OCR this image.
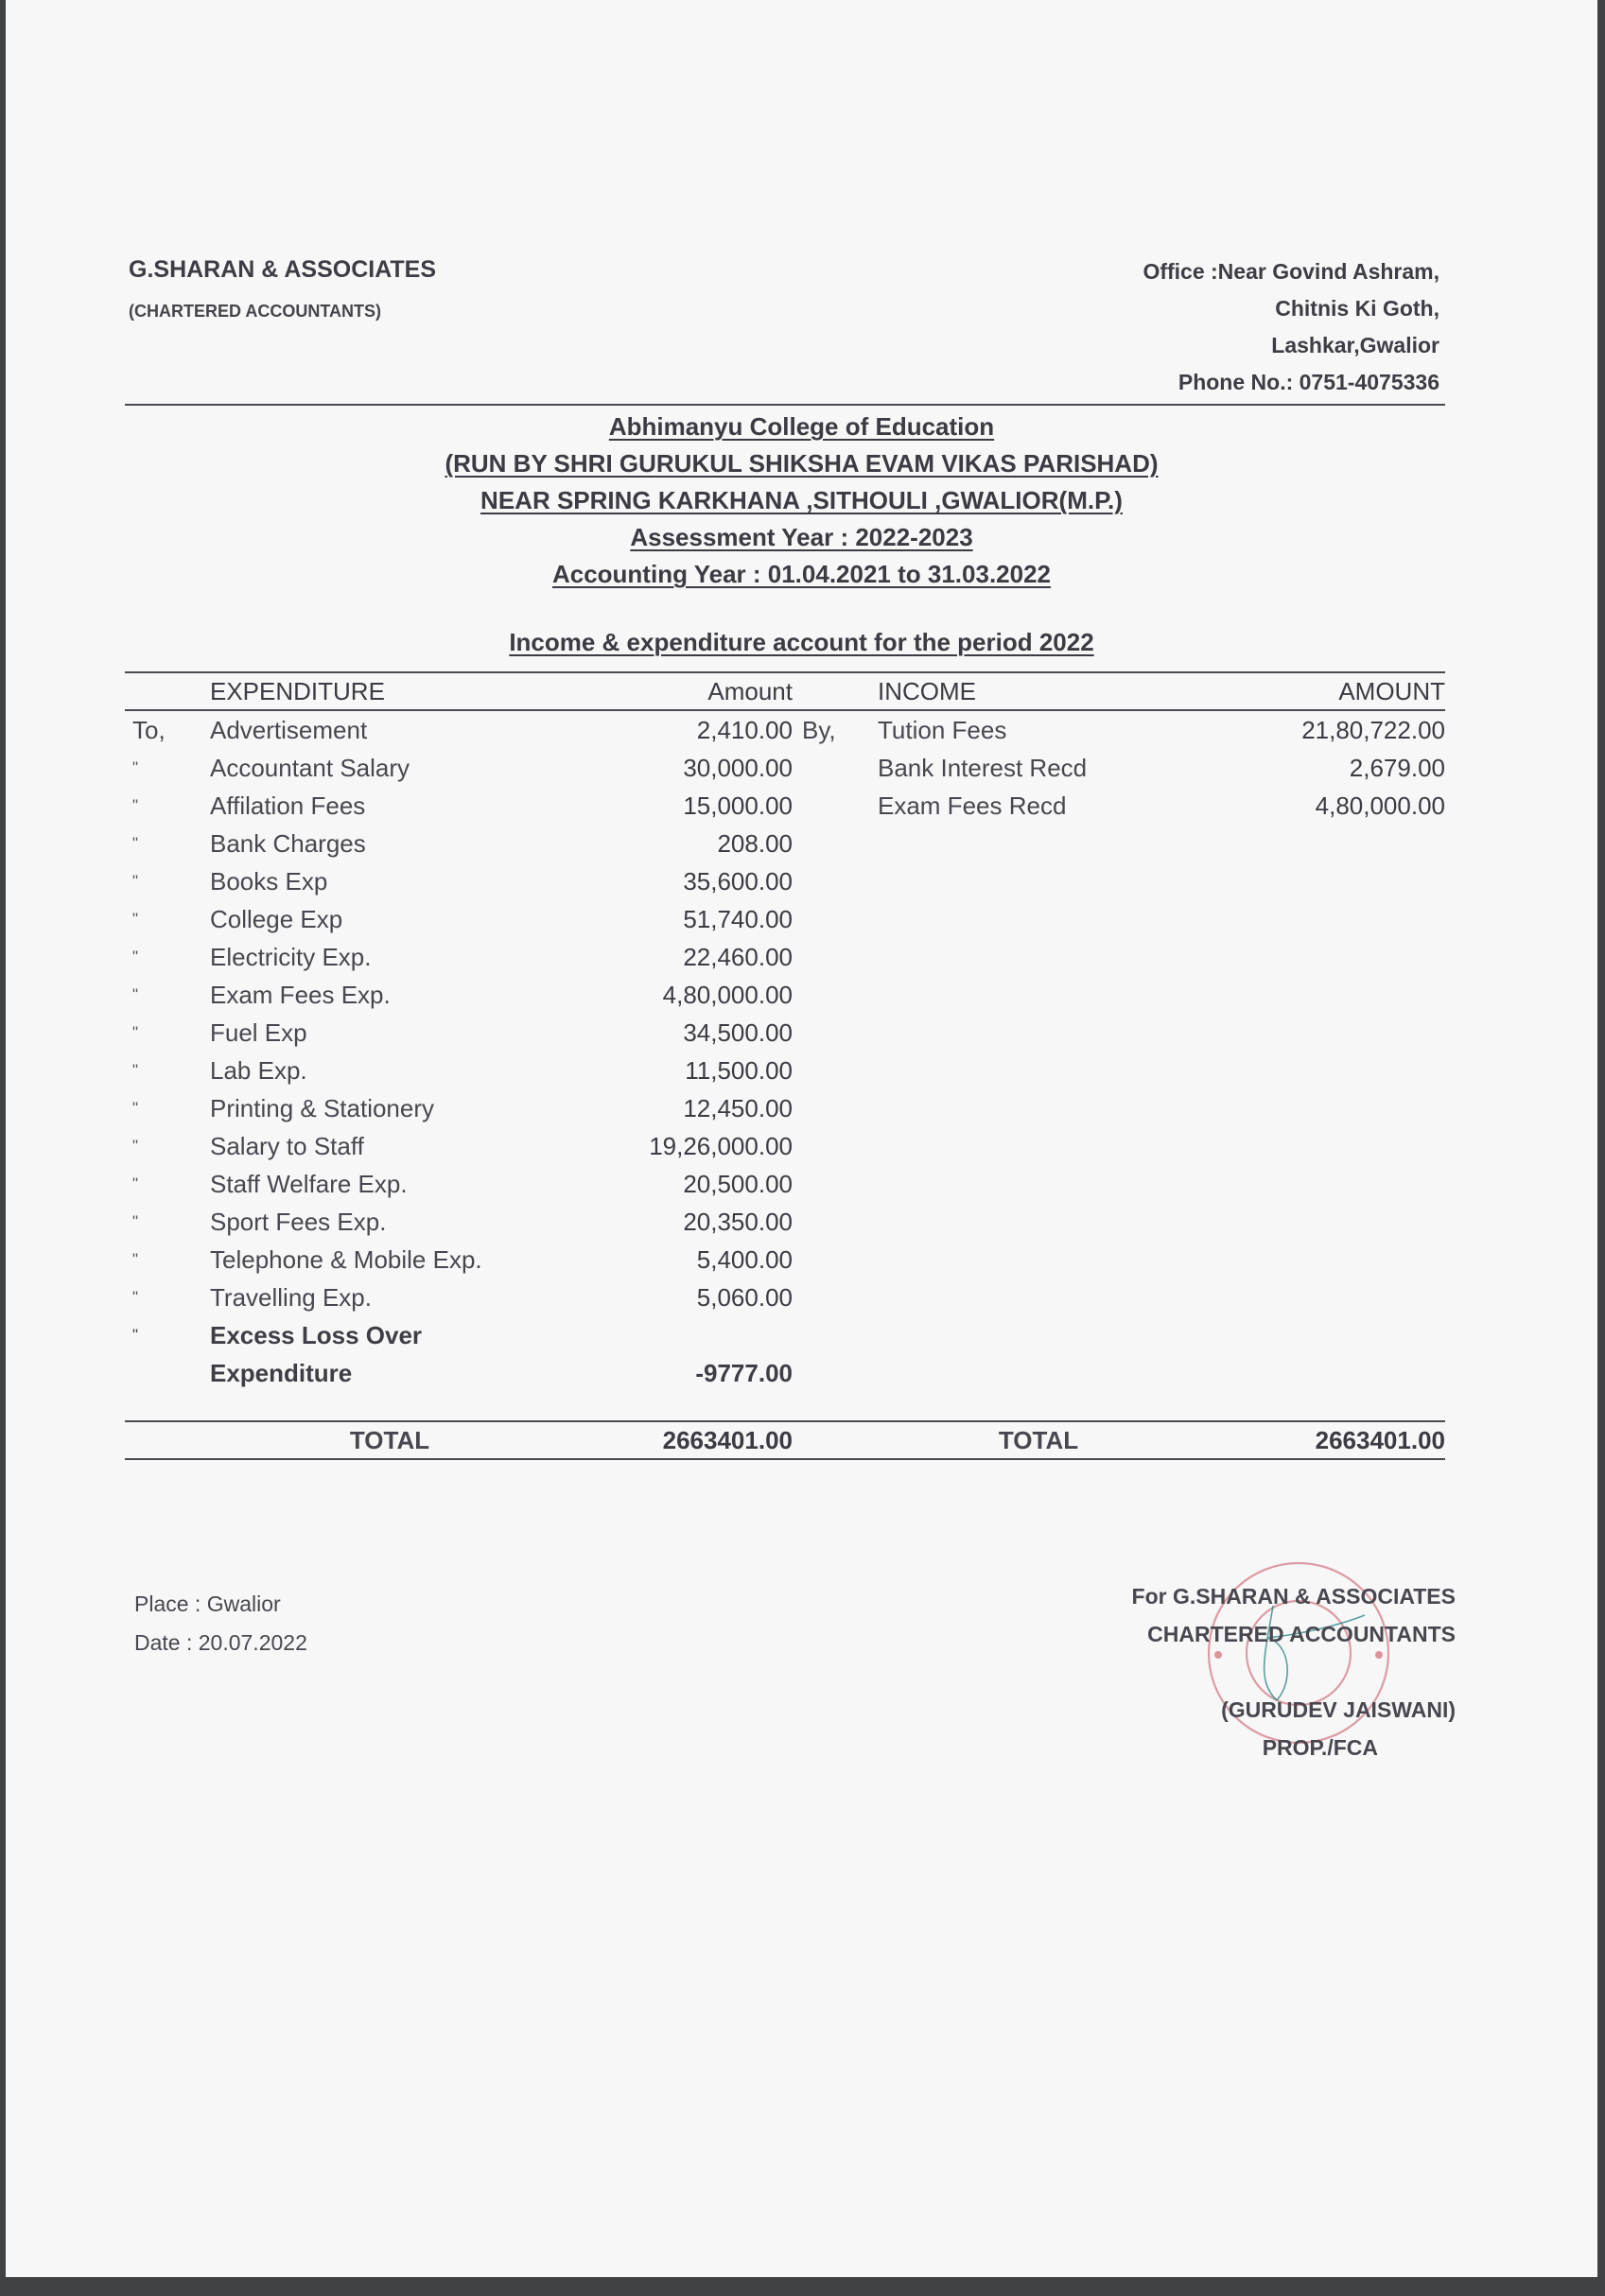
G.SHARAN & ASSOCIATES
(CHARTERED ACCOUNTANTS)
Office :Near Govind Ashram,
Chitnis Ki Goth,
Lashkar,Gwalior
Phone No.: 0751-4075336
Abhimanyu College of Education
(RUN BY SHRI GURUKUL SHIKSHA EVAM VIKAS PARISHAD)
NEAR SPRING KARKHANA ,SITHOULI ,GWALIOR(M.P.)
Assessment Year : 2022-2023
Accounting Year : 01.04.2021 to 31.03.2022
Income & expenditure account for the period 2022
EXPENDITURE	Amount	INCOME	AMOUNT
To,	Advertisement	2,410.00 By,	Tution Fees	21,80,722.00
"	Accountant Salary	30,000.00	Bank Interest Recd	2,679.00
"	Affilation Fees	15,000.00	Exam Fees Recd	4,80,000.00
"	Bank Charges	208.00
"	Books Exp	35,600.00
"	College Exp	51,740.00
"	Electricity Exp.	22,460.00
"	Exam Fees Exp.	4,80,000.00
"	Fuel Exp	34,500.00
"	Lab Exp.	11,500.00
"	Printing & Stationery	12,450.00
"	Salary to Staff	19,26,000.00
"	Staff Welfare Exp.	20,500.00
"	Sport Fees Exp.	20,350.00
"	Telephone & Mobile Exp.	5,400.00
"	Travelling Exp.	5,060.00
"	Excess Loss Over
Expenditure	-9777.00
TOTAL	2663401.00	TOTAL	2663401.00
Place : Gwalior
Date : 20.07.2022
For G.SHARAN & ASSOCIATES
CHARTERED ACCOUNTANTS
(GURUDEV JAISWANI)
PROP./FCA
